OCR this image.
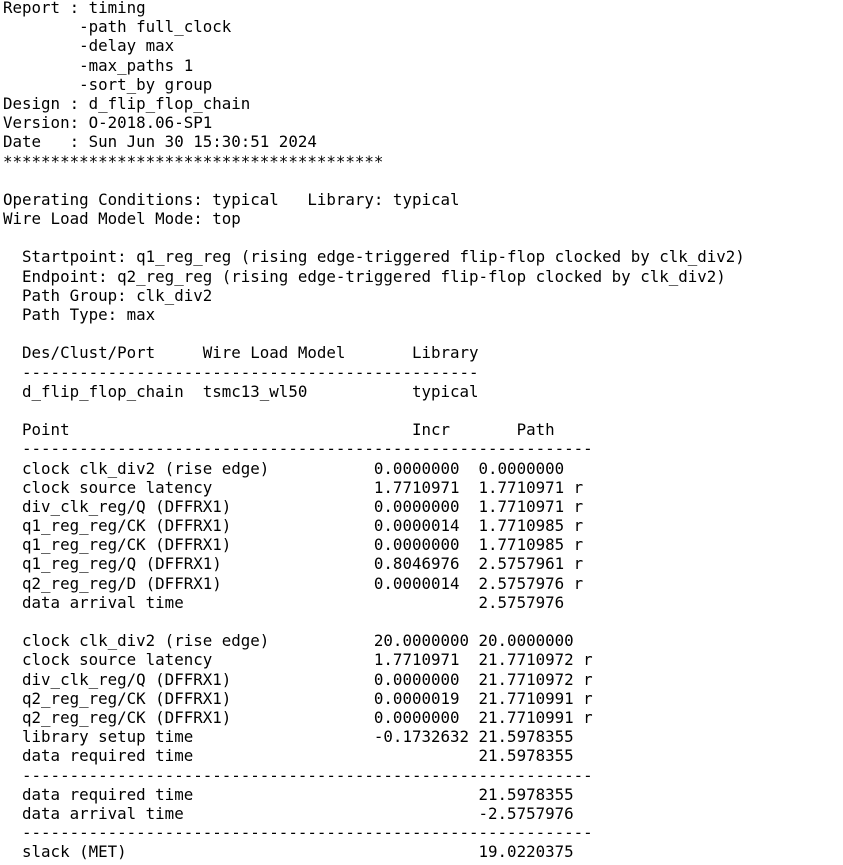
Report : timing
-path full_clock
-delay max
-max_paths 1
-sort_by group
Design : d_flip_flop_chain
Version: O-2018.06-SP1
Date   : Sun Jun 30 15:30:51 2024
****************************************
Operating Conditions: typical   Library: typical
Wire Load Model Mode: top
Startpoint: q1_reg_reg (rising edge-triggered flip-flop clocked by clk_div2)
Endpoint: q2_reg_reg (rising edge-triggered flip-flop clocked by clk_div2)
Path Group: clk_div2
Path Type: max
Des/Clust/Port     Wire Load Model       Library
------------------------------------------------
d_flip_flop_chain  tsmc13_wl50           typical
Point                                    Incr       Path
------------------------------------------------------------
clock clk_div2 (rise edge)           0.0000000  0.0000000
clock source latency                 1.7710971  1.7710971 r
div_clk_reg/Q (DFFRX1)               0.0000000  1.7710971 r
q1_reg_reg/CK (DFFRX1)               0.0000014  1.7710985 r
q1_reg_reg/CK (DFFRX1)               0.0000000  1.7710985 r
q1_reg_reg/Q (DFFRX1)                0.8046976  2.5757961 r
q2_reg_reg/D (DFFRX1)                0.0000014  2.5757976 r
data arrival time                               2.5757976
clock clk_div2 (rise edge)           20.0000000 20.0000000
clock source latency                 1.7710971  21.7710972 r
div_clk_reg/Q (DFFRX1)               0.0000000  21.7710972 r
q2_reg_reg/CK (DFFRX1)               0.0000019  21.7710991 r
q2_reg_reg/CK (DFFRX1)               0.0000000  21.7710991 r
library setup time                   -0.1732632 21.5978355
data required time                              21.5978355
------------------------------------------------------------
data required time                              21.5978355
data arrival time                               -2.5757976
------------------------------------------------------------
slack (MET)                                     19.0220375
